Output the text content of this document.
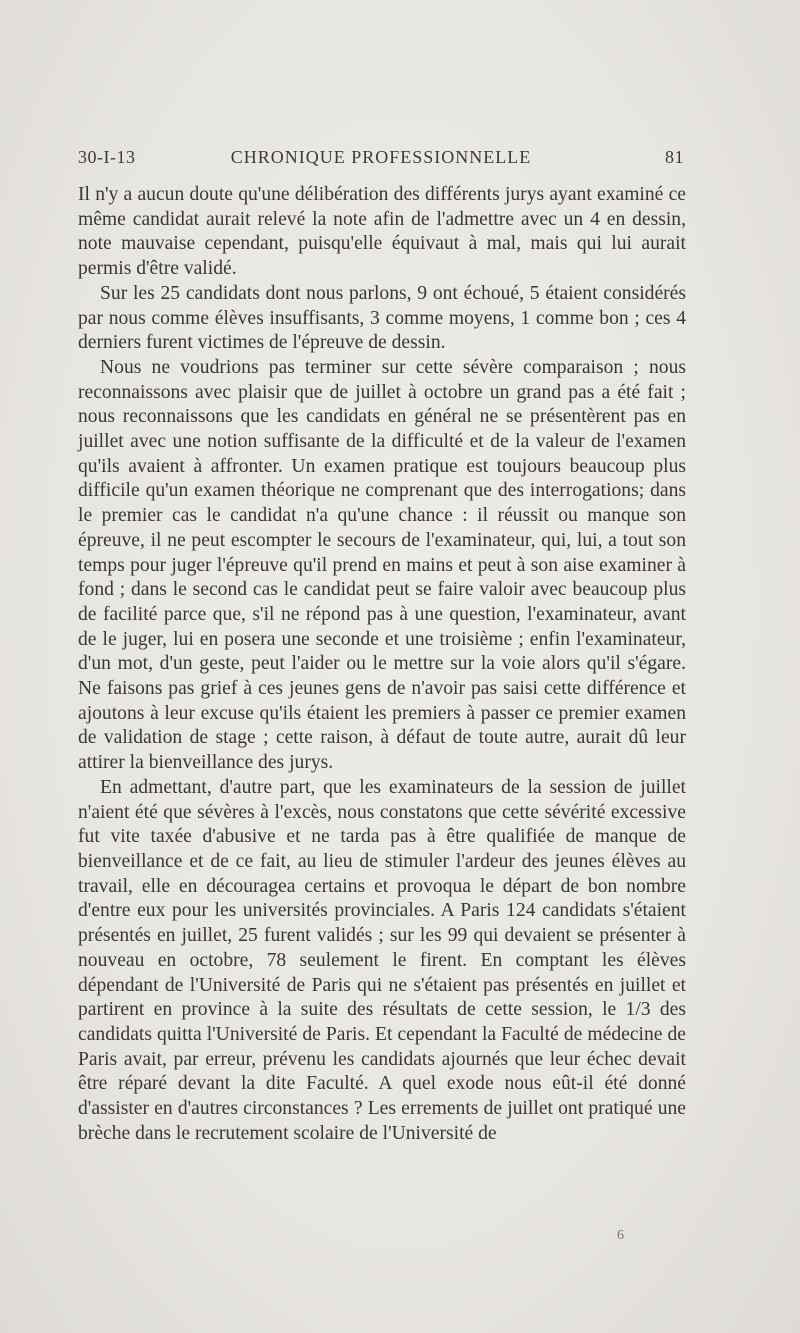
30-I-13	CHRONIQUE PROFESSIONNELLE	81

Il n'y a aucun doute qu'une délibération des différents jurys ayant examiné ce même candidat aurait relevé la note afin de l'admettre avec un 4 en dessin, note mauvaise cependant, puisqu'elle équivaut à mal, mais qui lui aurait permis d'être validé.

Sur les 25 candidats dont nous parlons, 9 ont échoué, 5 étaient considérés par nous comme élèves insuffisants, 3 comme moyens, 1 comme bon ; ces 4 derniers furent victimes de l'épreuve de dessin.

Nous ne voudrions pas terminer sur cette sévère comparaison ; nous reconnaissons avec plaisir que de juillet à octobre un grand pas a été fait ; nous reconnaissons que les candidats en général ne se présentèrent pas en juillet avec une notion suffisante de la difficulté et de la valeur de l'examen qu'ils avaient à affronter. Un examen pratique est toujours beaucoup plus difficile qu'un examen théorique ne comprenant que des interrogations; dans le premier cas le candidat n'a qu'une chance : il réussit ou manque son épreuve, il ne peut escompter le secours de l'examinateur, qui, lui, a tout son temps pour juger l'épreuve qu'il prend en mains et peut à son aise examiner à fond ; dans le second cas le candidat peut se faire valoir avec beaucoup plus de facilité parce que, s'il ne répond pas à une question, l'examinateur, avant de le juger, lui en posera une seconde et une troisième ; enfin l'examinateur, d'un mot, d'un geste, peut l'aider ou le mettre sur la voie alors qu'il s'égare. Ne faisons pas grief à ces jeunes gens de n'avoir pas saisi cette différence et ajoutons à leur excuse qu'ils étaient les premiers à passer ce premier examen de validation de stage ; cette raison, à défaut de toute autre, aurait dû leur attirer la bienveillance des jurys.

En admettant, d'autre part, que les examinateurs de la session de juillet n'aient été que sévères à l'excès, nous constatons que cette sévérité excessive fut vite taxée d'abusive et ne tarda pas à être qualifiée de manque de bienveillance et de ce fait, au lieu de stimuler l'ardeur des jeunes élèves au travail, elle en découragea certains et provoqua le départ de bon nombre d'entre eux pour les universités provinciales. A Paris 124 candidats s'étaient présentés en juillet, 25 furent validés ; sur les 99 qui devaient se présenter à nouveau en octobre, 78 seulement le firent. En comptant les élèves dépendant de l'Université de Paris qui ne s'étaient pas présentés en juillet et partirent en province à la suite des résultats de cette session, le 1/3 des candidats quitta l'Université de Paris. Et cependant la Faculté de médecine de Paris avait, par erreur, prévenu les candidats ajournés que leur échec devait être réparé devant la dite Faculté. A quel exode nous eût-il été donné d'assister en d'autres circonstances ? Les errements de juillet ont pratiqué une brèche dans le recrutement scolaire de l'Université de

6
